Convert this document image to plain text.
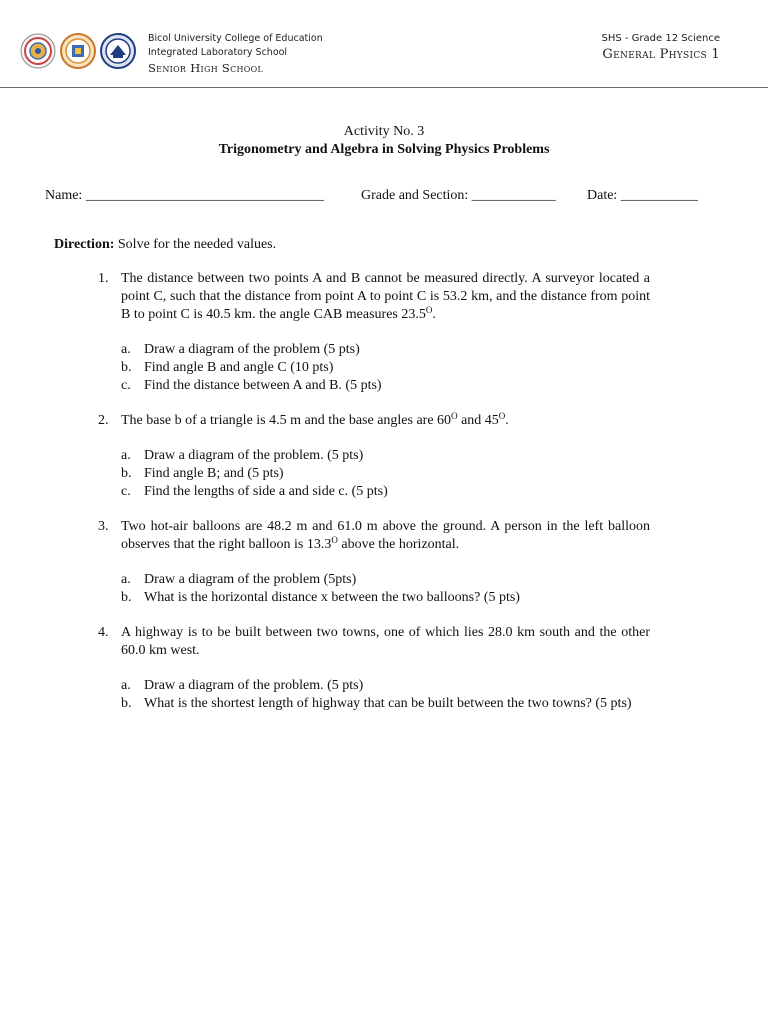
Bicol University College of Education
Integrated Laboratory School
Senior High School
SHS - Grade 12 Science
General Physics 1
Activity No. 3
Trigonometry and Algebra in Solving Physics Problems
Name: __________________________________	Grade and Section: ____________ Date: ___________
Direction: Solve for the needed values.
1. The distance between two points A and B cannot be measured directly. A surveyor located a point C, such that the distance from point A to point C is 53.2 km, and the distance from point B to point C is 40.5 km. the angle CAB measures $23.5^O$.
a. Draw a diagram of the problem (5 pts)
b. Find angle B and angle C (10 pts)
c. Find the distance between A and B. (5 pts)
2. The base b of a triangle is 4.5 m and the base angles are $60^O$ and $45^O$.
a. Draw a diagram of the problem. (5 pts)
b. Find angle B; and (5 pts)
c. Find the lengths of side a and side c. (5 pts)
3. Two hot-air balloons are 48.2 m and 61.0 m above the ground. A person in the left balloon observes that the right balloon is $13.3^O$ above the horizontal.
a. Draw a diagram of the problem (5pts)
b. What is the horizontal distance x between the two balloons? (5 pts)
4. A highway is to be built between two towns, one of which lies 28.0 km south and the other 60.0 km west.
a. Draw a diagram of the problem. (5 pts)
b. What is the shortest length of highway that can be built between the two towns? (5 pts)
